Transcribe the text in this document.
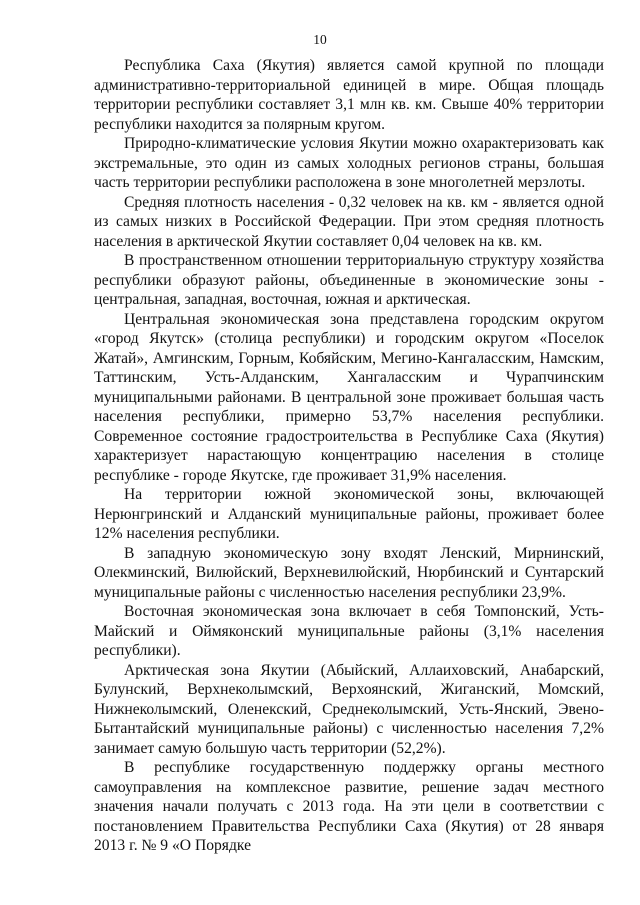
10

Республика Саха (Якутия) является самой крупной по площади административно-территориальной единицей в мире. Общая площадь территории республики составляет 3,1 млн кв. км. Свыше 40% территории республики находится за полярным кругом.

Природно-климатические условия Якутии можно охарактеризовать как экстремальные, это один из самых холодных регионов страны, большая часть территории республики расположена в зоне многолетней мерзлоты.

Средняя плотность населения - 0,32 человек на кв. км - является одной из самых низких в Российской Федерации. При этом средняя плотность населения в арктической Якутии составляет 0,04 человек на кв. км.

В пространственном отношении территориальную структуру хозяйства республики образуют районы, объединенные в экономические зоны - центральная, западная, восточная, южная и арктическая.

Центральная экономическая зона представлена городским округом «город Якутск» (столица республики) и городским округом «Поселок Жатай», Амгинским, Горным, Кобяйским, Мегино-Кангаласским, Намским, Таттинским, Усть-Алданским, Хангаласским и Чурапчинским муниципальными районами. В центральной зоне проживает большая часть населения республики, примерно 53,7% населения республики. Современное состояние градостроительства в Республике Саха (Якутия) характеризует нарастающую концентрацию населения в столице республике - городе Якутске, где проживает 31,9% населения.

На территории южной экономической зоны, включающей Нерюнгринский и Алданский муниципальные районы, проживает более 12% населения республики.

В западную экономическую зону входят Ленский, Мирнинский, Олекминский, Вилюйский, Верхневилюйский, Нюрбинский и Сунтарский муниципальные районы с численностью населения республики 23,9%.

Восточная экономическая зона включает в себя Томпонский, Усть-Майский и Оймяконский муниципальные районы (3,1% населения республики).

Арктическая зона Якутии (Абыйский, Аллаиховский, Анабарский, Булунский, Верхнеколымский, Верхоянский, Жиганский, Момский, Нижнеколымский, Оленекский, Среднеколымский, Усть-Янский, Эвено-Бытантайский муниципальные районы) с численностью населения 7,2% занимает самую большую часть территории (52,2%).

В республике государственную поддержку органы местного самоуправления на комплексное развитие, решение задач местного значения начали получать с 2013 года. На эти цели в соответствии с постановлением Правительства Республики Саха (Якутия) от 28 января 2013 г. № 9 «О Порядке
